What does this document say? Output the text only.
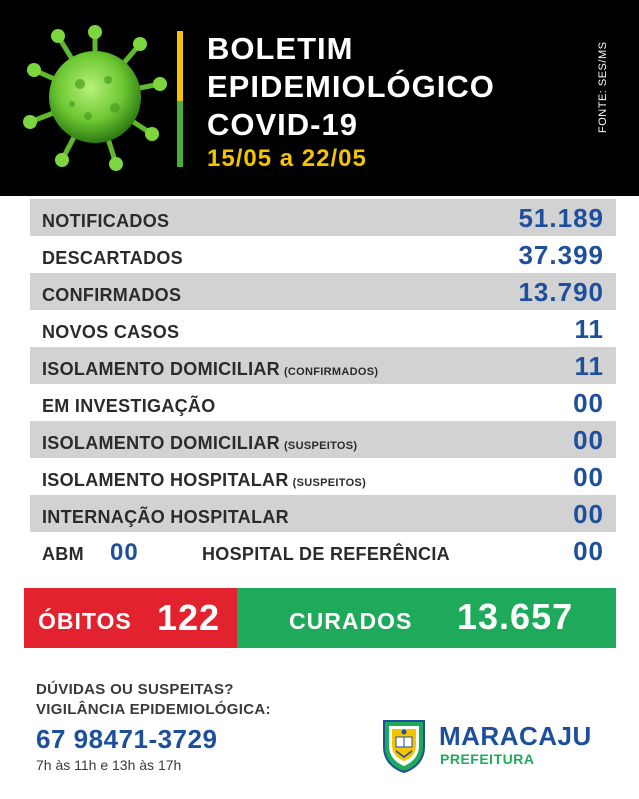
BOLETIM
EPIDEMIOLÓGICO
COVID-19
15/05 a 22/05
FONTE: SES/MS
NOTIFICADOS	51.189
DESCARTADOS	37.399
CONFIRMADOS	13.790
NOVOS CASOS	11
ISOLAMENTO DOMICILIAR (CONFIRMADOS)	11
EM INVESTIGAÇÃO	00
ISOLAMENTO DOMICILIAR (SUSPEITOS)	00
ISOLAMENTO HOSPITALAR (SUSPEITOS)	00
INTERNAÇÃO HOSPITALAR	00
ABM 00	HOSPITAL DE REFERÊNCIA	00
ÓBITOS 122	CURADOS 13.657
DÚVIDAS OU SUSPEITAS?
VIGILÂNCIA EPIDEMIOLÓGICA:
67 98471-3729
7h às 11h e 13h às 17h
MARACAJU
PREFEITURA
